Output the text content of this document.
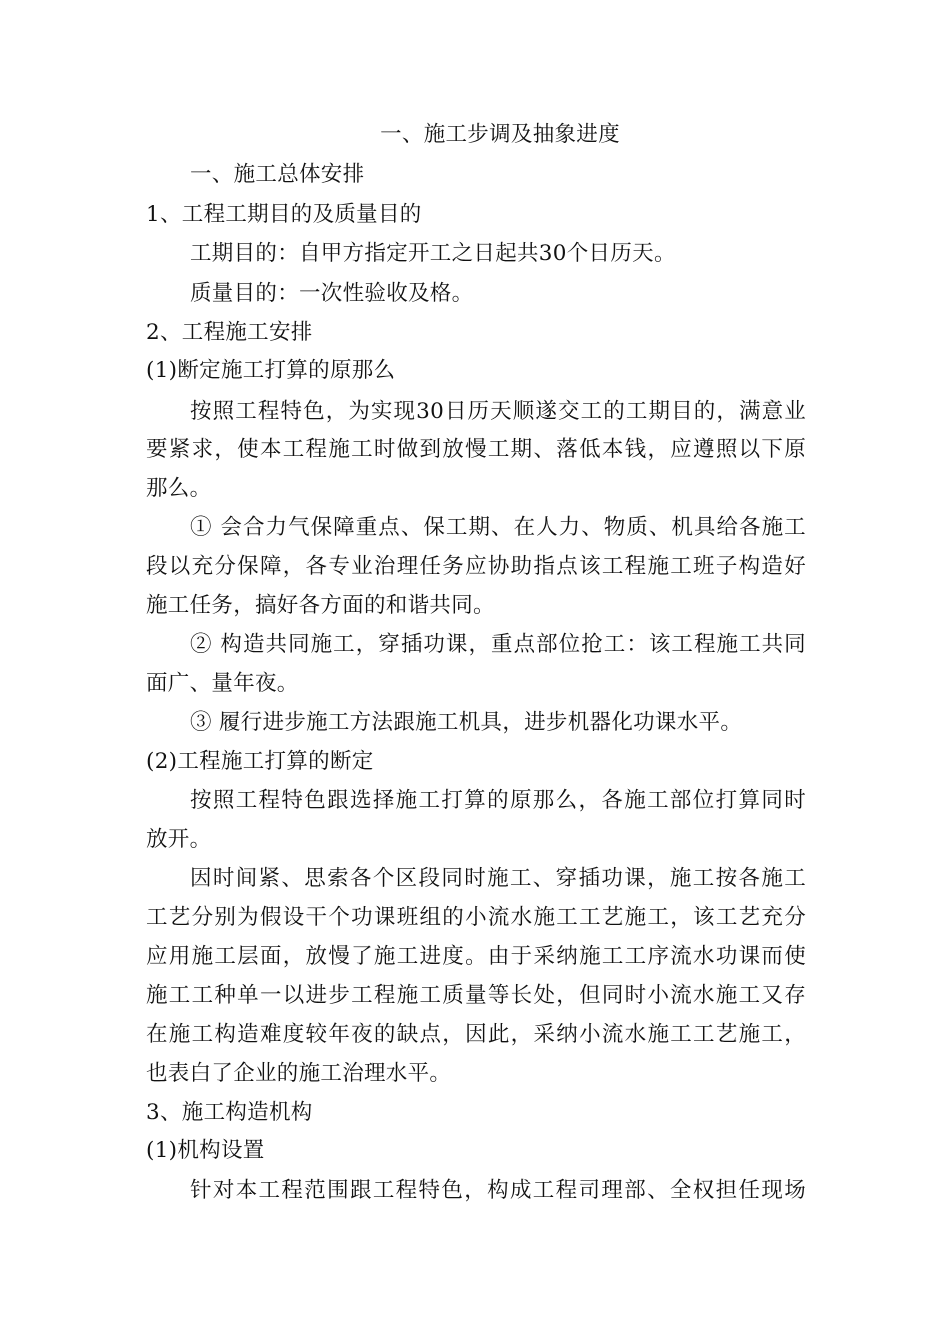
一、施工步调及抽象进度
一、施工总体安排
1、工程工期目的及质量目的
工期目的：自甲方指定开工之日起共30个日历天。
质量目的：一次性验收及格。
2、工程施工安排
(1)断定施工打算的原那么
按照工程特色，为实现30日历天顺遂交工的工期目的，满意业
要紧求，使本工程施工时做到放慢工期、落低本钱，应遵照以下原
那么。
① 会合力气保障重点、保工期、在人力、物质、机具给各施工
段以充分保障，各专业治理任务应协助指点该工程施工班子构造好
施工任务，搞好各方面的和谐共同。
② 构造共同施工，穿插功课，重点部位抢工：该工程施工共同
面广、量年夜。
③ 履行进步施工方法跟施工机具，进步机器化功课水平。
(2)工程施工打算的断定
按照工程特色跟选择施工打算的原那么，各施工部位打算同时
放开。
因时间紧、思索各个区段同时施工、穿插功课，施工按各施工
工艺分别为假设干个功课班组的小流水施工工艺施工，该工艺充分
应用施工层面，放慢了施工进度。由于采纳施工工序流水功课而使
施工工种单一以进步工程施工质量等长处，但同时小流水施工又存
在施工构造难度较年夜的缺点，因此，采纳小流水施工工艺施工，
也表白了企业的施工治理水平。
3、施工构造机构
(1)机构设置
针对本工程范围跟工程特色，构成工程司理部、全权担任现场
